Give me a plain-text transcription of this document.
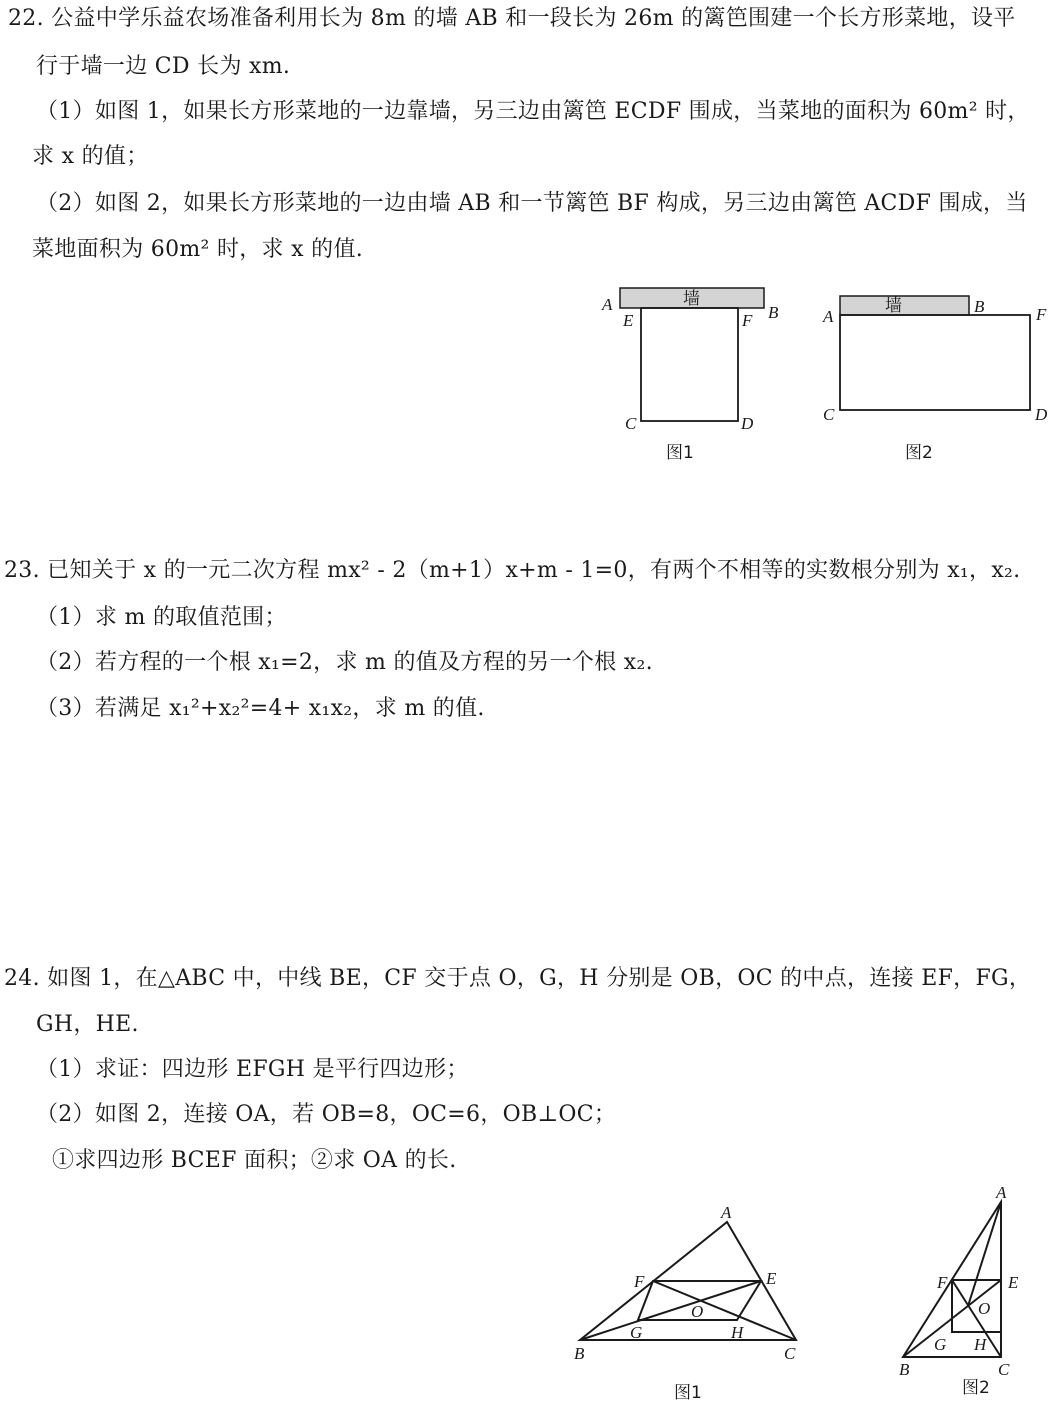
22. 公益中学乐益农场准备利用长为 8m 的墙 AB 和一段长为 26m 的篱笆围建一个长方形菜地，设平
行于墙一边 CD 长为 xm.
（1）如图 1，如果长方形菜地的一边靠墙，另三边由篱笆 ECDF 围成，当菜地的面积为 60m² 时，
求 x 的值；
（2）如图 2，如果长方形菜地的一边由墙 AB 和一节篱笆 BF 构成，另三边由篱笆 ACDF 围成，当
菜地面积为 60m² 时，求 x 的值.
23. 已知关于 x 的一元二次方程 mx² - 2（m+1）x+m - 1=0，有两个不相等的实数根分别为 x₁，x₂.
（1）求 m 的取值范围；
（2）若方程的一个根 x₁=2，求 m 的值及方程的另一个根 x₂.
（3）若满足 x₁²+x₂²=4+ x₁x₂，求 m 的值.
24. 如图 1，在△ABC 中，中线 BE，CF 交于点 O，G，H 分别是 OB，OC 的中点，连接 EF，FG，
GH，HE.
（1）求证：四边形 EFGH 是平行四边形；
（2）如图 2，连接 OA，若 OB=8，OC=6，OB⊥OC；
①求四边形 BCEF 面积；②求 OA 的长.
墙
A	B
E	F
C	D
图1
墙
A
B	F
C	D
图2
A
B	C
E
F
G	H
O
图1
A
B	C
E
F
G H
O
图2
